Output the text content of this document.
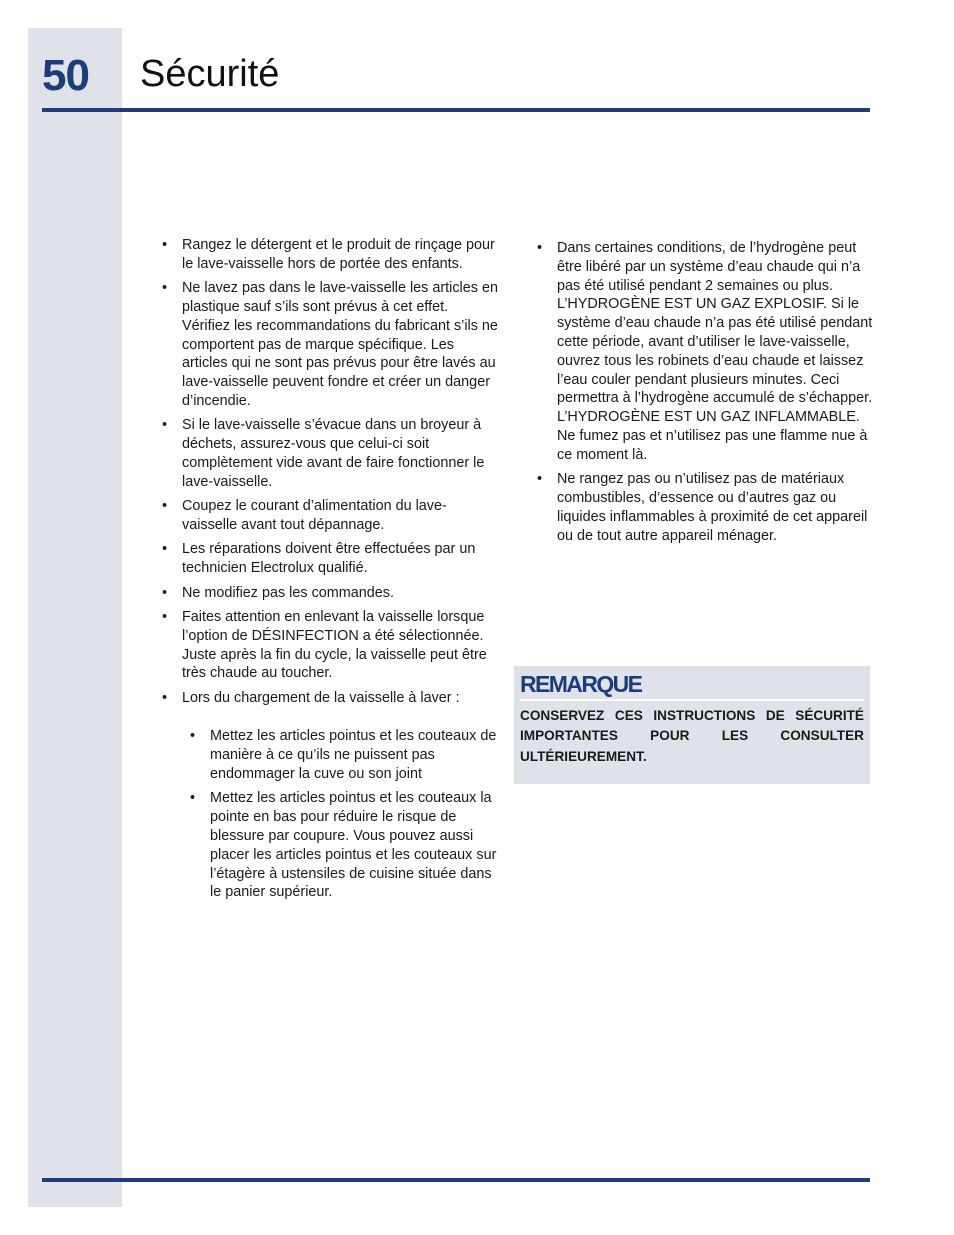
50 Sécurité
• Rangez le détergent et le produit de rinçage pour le lave-vaisselle hors de portée des enfants.
• Ne lavez pas dans le lave-vaisselle les articles en plastique sauf s’ils sont prévus à cet effet. Vérifiez les recommandations du fabricant s’ils ne comportent pas de marque spécifique. Les articles qui ne sont pas prévus pour être lavés au lave-vaisselle peuvent fondre et créer un danger d’incendie.
• Si le lave-vaisselle s’évacue dans un broyeur à déchets, assurez-vous que celui-ci soit complètement vide avant de faire fonctionner le lave-vaisselle.
• Coupez le courant d’alimentation du lave-vaisselle avant tout dépannage.
• Les réparations doivent être effectuées par un technicien Electrolux qualifié.
• Ne modifiez pas les commandes.
• Faites attention en enlevant la vaisselle lorsque l’option de DÉSINFECTION a été sélectionnée. Juste après la fin du cycle, la vaisselle peut être très chaude au toucher.
• Lors du chargement de la vaisselle à laver :
• Mettez les articles pointus et les couteaux de manière à ce qu’ils ne puissent pas endommager la cuve ou son joint
• Mettez les articles pointus et les couteaux la pointe en bas pour réduire le risque de blessure par coupure. Vous pouvez aussi placer les articles pointus et les couteaux sur l’étagère à ustensiles de cuisine située dans le panier supérieur.
• Dans certaines conditions, de l’hydrogène peut être libéré par un système d’eau chaude qui n’a pas été utilisé pendant 2 semaines ou plus. L’HYDROGÈNE EST UN GAZ EXPLOSIF. Si le système d’eau chaude n’a pas été utilisé pendant cette période, avant d’utiliser le lave-vaisselle, ouvrez tous les robinets d’eau chaude et laissez l’eau couler pendant plusieurs minutes. Ceci permettra à l’hydrogène accumulé de s’échapper. L’HYDROGÈNE EST UN GAZ INFLAMMABLE. Ne fumez pas et n’utilisez pas une flamme nue à ce moment là.
• Ne rangez pas ou n’utilisez pas de matériaux combustibles, d’essence ou d’autres gaz ou liquides inflammables à proximité de cet appareil ou de tout autre appareil ménager.
REMARQUE
CONSERVEZ CES INSTRUCTIONS DE SÉCURITÉ IMPORTANTES POUR LES CONSULTER ULTÉRIEUREMENT.
